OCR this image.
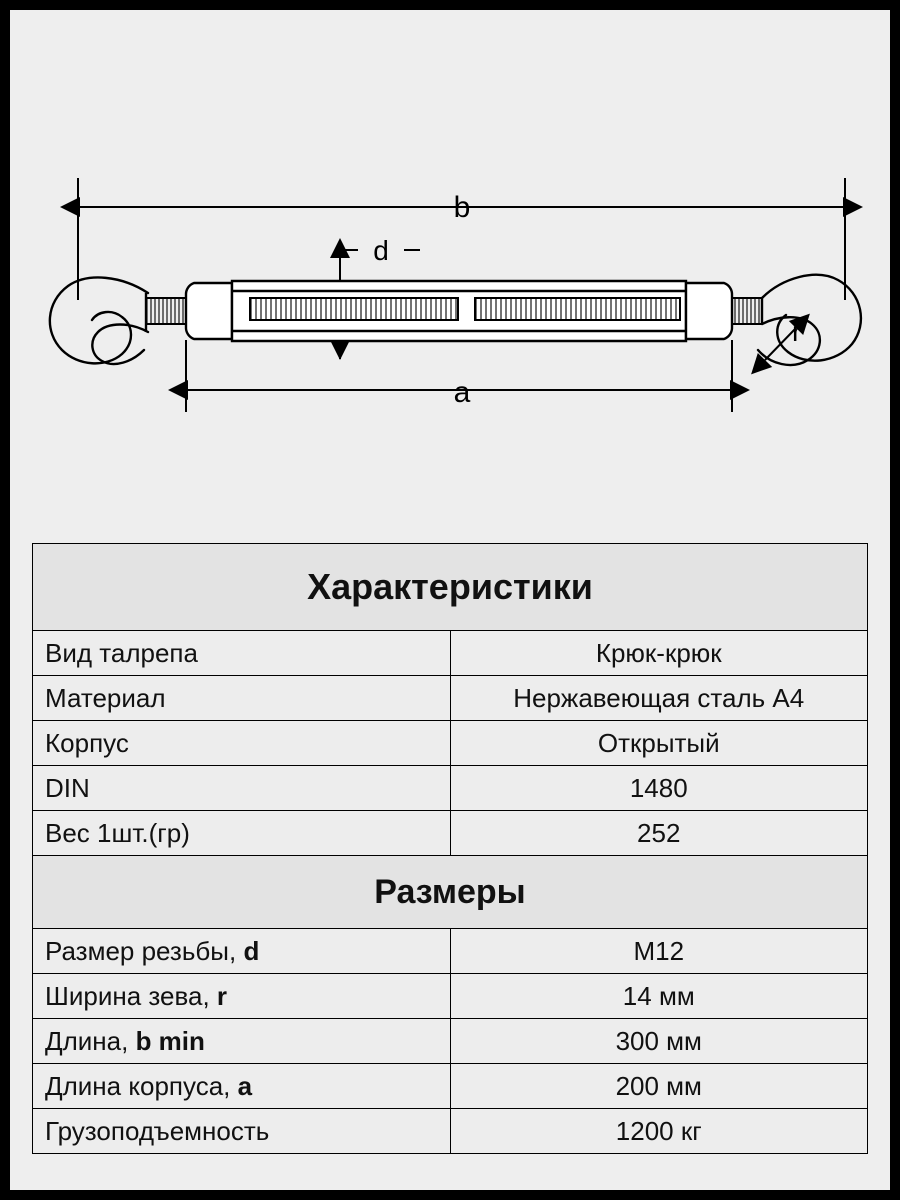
b
d
r
a
Характеристики	
Вид талрепа	Крюк-крюк
Материал	Нержавеющая сталь A4
Корпус	Открытый
DIN	1480
Вес 1шт.(гр)	252
Размеры	
Размер резьбы, d	M12
Ширина зева, r	14 мм
Длина, b min	300 мм
Длина корпуса, a	200 мм
Грузоподъемность	1200 кг
